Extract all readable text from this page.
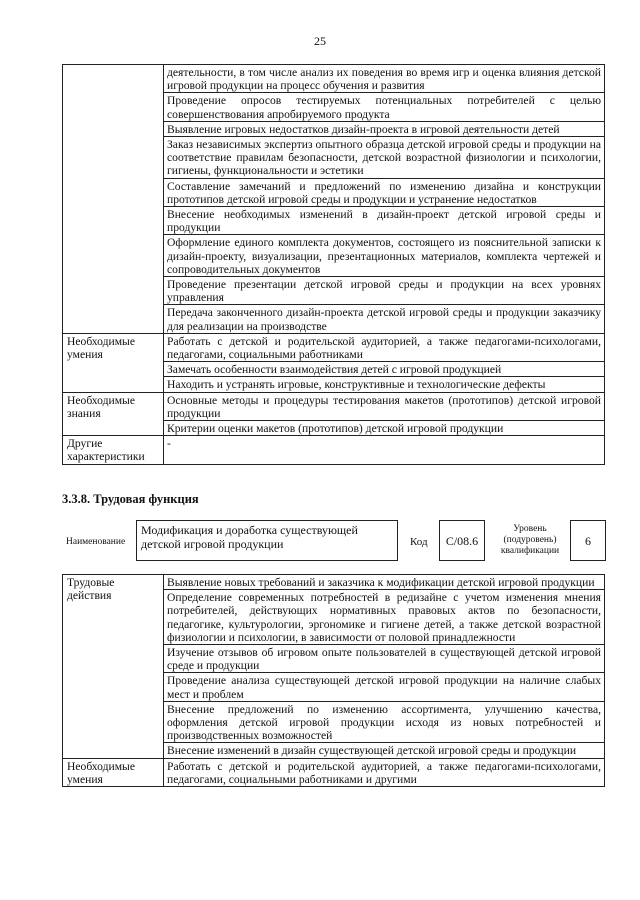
25
	деятельности, в том числе анализ их поведения во время игр и оценка влияния детской игровой продукции на процесс обучения и развития
	Проведение опросов тестируемых потенциальных потребителей с целью совершенствования апробируемого продукта
	Выявление игровых недостатков дизайн-проекта в игровой деятельности детей
	Заказ независимых экспертиз опытного образца детской игровой среды и продукции на соответствие правилам безопасности, детской возрастной физиологии и психологии, гигиены, функциональности и эстетики
	Составление замечаний и предложений по изменению дизайна и конструкции прототипов детской игровой среды и продукции и устранение недостатков
	Внесение необходимых изменений в дизайн-проект детской игровой среды и продукции
	Оформление единого комплекта документов, состоящего из пояснительной записки к дизайн-проекту, визуализации, презентационных материалов, комплекта чертежей и сопроводительных документов
	Проведение презентации детской игровой среды и продукции на всех уровнях управления
	Передача законченного дизайн-проекта детской игровой среды и продукции заказчику для реализации на производстве
Необходимые умения	Работать с детской и родительской аудиторией, а также педагогами-психологами, педагогами, социальными работниками
	Замечать особенности взаимодействия детей с игровой продукцией
	Находить и устранять игровые, конструктивные и технологические дефекты
Необходимые знания	Основные методы и процедуры тестирования макетов (прототипов) детской игровой продукции
	Критерии оценки макетов (прототипов) детской игровой продукции
Другие характеристики	-
3.3.8. Трудовая функция
Наименование
Модификация и доработка существующей детской игровой продукции	Код C/08.6
Уровень (подуровень) квалификации
6
Трудовые действия	Выявление новых требований и заказчика к модификации детской игровой продукции
	Определение современных потребностей в редизайне с учетом изменения мнения потребителей, действующих нормативных правовых актов по безопасности, педагогике, культурологии, эргономике и гигиене детей, а также детской возрастной физиологии и психологии, в зависимости от половой принадлежности
	Изучение отзывов об игровом опыте пользователей в существующей детской игровой среде и продукции
	Проведение анализа существующей детской игровой продукции на наличие слабых мест и проблем
	Внесение предложений по изменению ассортимента, улучшению качества, оформления детской игровой продукции исходя из новых потребностей и производственных возможностей
	Внесение изменений в дизайн существующей детской игровой среды и продукции
Необходимые умения	Работать с детской и родительской аудиторией, а также педагогами-психологами, педагогами, социальными работниками и другими
